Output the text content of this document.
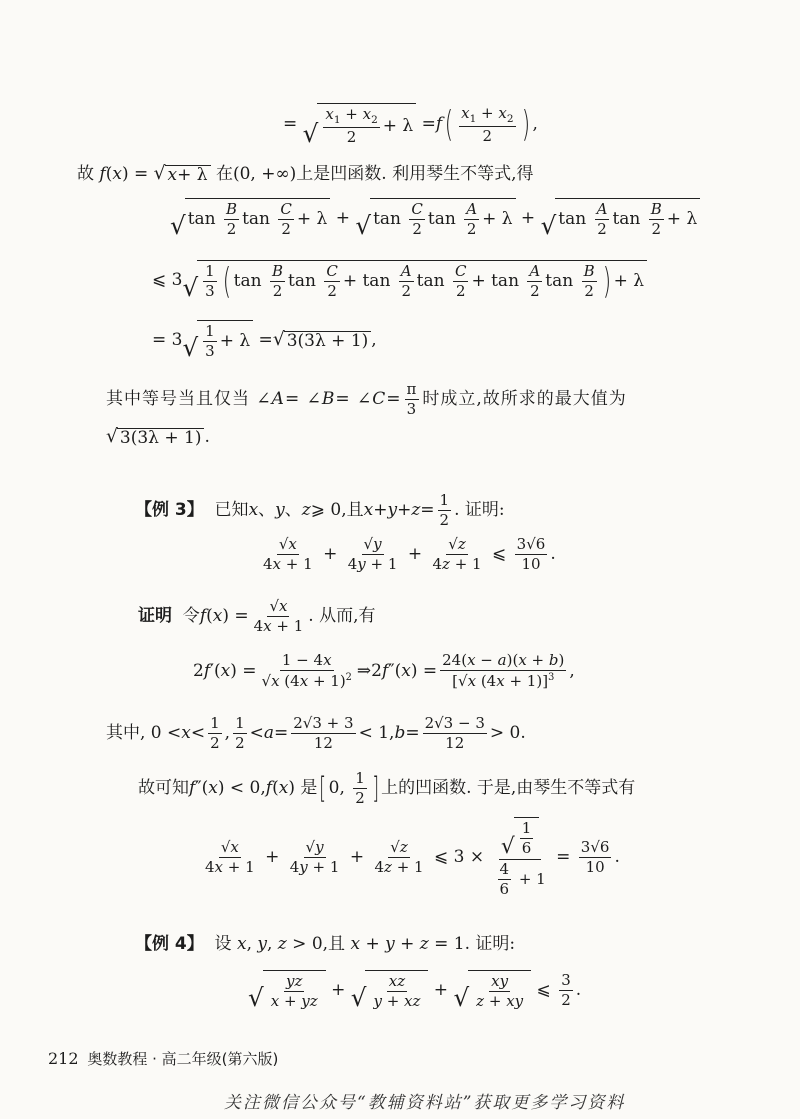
= √ $\frac{x_1 + x_2}{2} + \lambda = f$ ( $\frac{x_1 + x_2}{2}$ ) ,
故 f(x) = √ x + λ 在(0, +∞)上是凹函数. 利用琴生不等式,得
√ $\tan \frac{B}{2}$ $\tan \frac{C}{2} + \lambda$ + √ $\tan \frac{C}{2}$ $\tan \frac{A}{2} + \lambda$ + √ $\tan \frac{A}{2}$ $\tan \frac{B}{2} + \lambda$
⩽ 3 √ $\frac{1}{3}$ ( $\tan \frac{B}{2}$ $\tan \frac{C}{2} + \tan \frac{A}{2}$ $\tan \frac{C}{2} + \tan \frac{A}{2}$ $\tan \frac{B}{2}$ ) + λ
= 3 √ $\frac{1}{3} + \lambda$ = √ 3(3λ + 1) ,
其中等号当且仅当 ∠ A = ∠ B = ∠ $C = \frac{\pi}{3}$ 时成立,故所求的最大值为
√ 3(3λ + 1) .
【例 3】 已知 x 、 y 、 z ⩾ 0,且 $x + y + z = \frac{1}{2}$ . 证明:
$\frac{√x}{4x + 1} + \frac{√y}{4y + 1} + \frac{√z}{4z + 1}$ ⩽ $\frac{3√6}{10}$ .
证明 令 f ( x ) = $\frac{√x}{4x + 1}$ . 从而,有
2 f ′( x ) = $\frac{1 - 4x}{√x (4x + 1)^2}$ ⇒2 f ″( x ) = $\frac{24(x - a)(x + b)}{[√x (4x + 1)]^3}$ ,
其中, $0 < x < \frac{1}{2}$ , $\frac{1}{2} < a = \frac{2√3 + 3}{12} < 1$, $b = \frac{2√3 - 3}{12} > 0$.
故可知 f ″( x ) < 0, f ( x ) 是 [ 0, $\frac{1}{2}$ ] 上的凹函数. 于是,由琴生不等式有
$\frac{√x}{4x + 1} + \frac{√y}{4y + 1} + \frac{√z}{4z + 1}$ ⩽ $3 \times \frac{√ \frac{1}{6}}{\frac{4}{6} + 1} = \frac{3√6}{10}$ .
【例 4】  设 x, y, z > 0,且 x + y + z = 1. 证明:
√ $\frac{yz}{x + yz}$ + √ $\frac{xz}{y + xz}$ + √ $\frac{xy}{z + xy}$ ⩽ $\frac{3}{2}$ .
212 奥数教程 · 高二年级(第六版)
关注微信公众号“教辅资料站”获取更多学习资料
